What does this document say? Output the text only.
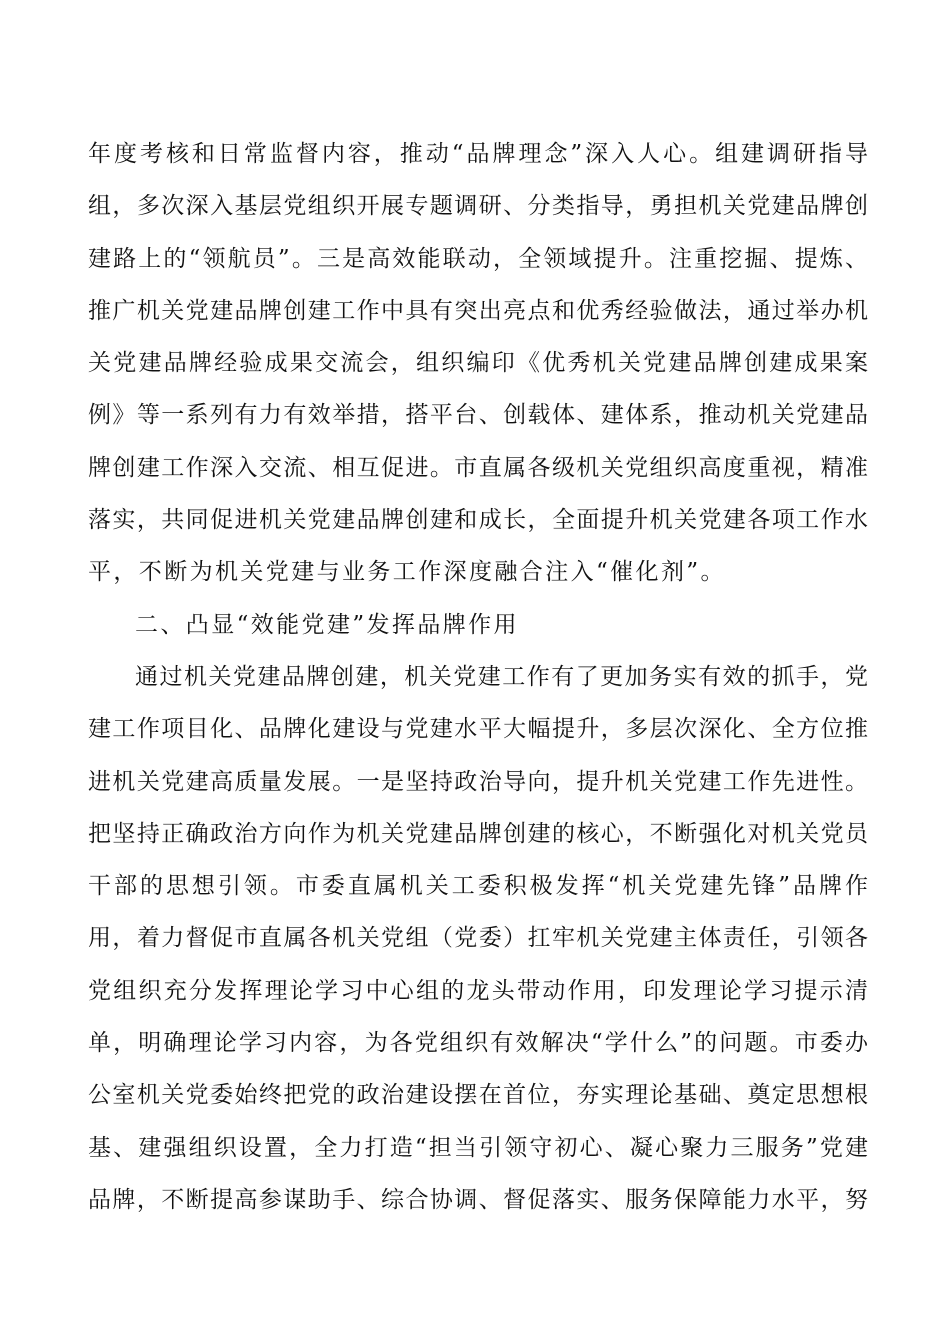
年度考核和日常监督内容，推动“品牌理念”深入人心。组建调研指导
组，多次深入基层党组织开展专题调研、分类指导，勇担机关党建品牌创
建路上的“领航员”。三是高效能联动，全领域提升。注重挖掘、提炼、
推广机关党建品牌创建工作中具有突出亮点和优秀经验做法，通过举办机
关党建品牌经验成果交流会，组织编印《优秀机关党建品牌创建成果案
例》等一系列有力有效举措，搭平台、创载体、建体系，推动机关党建品
牌创建工作深入交流、相互促进。市直属各级机关党组织高度重视，精准
落实，共同促进机关党建品牌创建和成长，全面提升机关党建各项工作水
平，不断为机关党建与业务工作深度融合注入“催化剂”。
二、凸显“效能党建”发挥品牌作用
通过机关党建品牌创建，机关党建工作有了更加务实有效的抓手，党
建工作项目化、品牌化建设与党建水平大幅提升，多层次深化、全方位推
进机关党建高质量发展。一是坚持政治导向，提升机关党建工作先进性。
把坚持正确政治方向作为机关党建品牌创建的核心，不断强化对机关党员
干部的思想引领。市委直属机关工委积极发挥“机关党建先锋”品牌作
用，着力督促市直属各机关党组（党委）扛牢机关党建主体责任，引领各
党组织充分发挥理论学习中心组的龙头带动作用，印发理论学习提示清
单，明确理论学习内容，为各党组织有效解决“学什么”的问题。市委办
公室机关党委始终把党的政治建设摆在首位，夯实理论基础、奠定思想根
基、建强组织设置，全力打造“担当引领守初心、凝心聚力三服务”党建
品牌，不断提高参谋助手、综合协调、督促落实、服务保障能力水平，努
